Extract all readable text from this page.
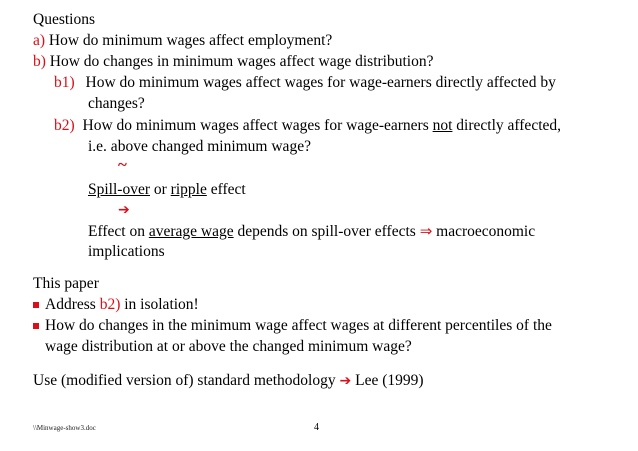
Questions
a) How do minimum wages affect employment?
b) How do changes in minimum wages affect wage distribution?
b1) How do minimum wages affect wages for wage-earners directly affected by
changes?
b2) How do minimum wages affect wages for wage-earners not directly affected,
i.e. above changed minimum wage?
~
Spill-over or ripple effect
➔
Effect on average wage depends on spill-over effects ⇒ macroeconomic
implications
This paper
Address b2) in isolation!
How do changes in the minimum wage affect wages at different percentiles of the
wage distribution at or above the changed minimum wage?
Use (modified version of) standard methodology ➔ Lee (1999)
\\Minwage-show3.doc	4
